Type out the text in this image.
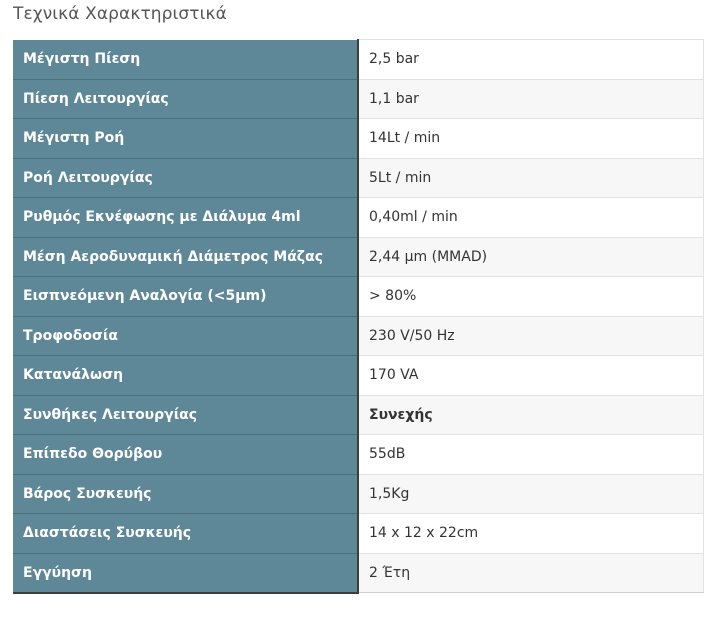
Τεχνικά Χαρακτηριστικά
Μέγιστη Πίεση	2,5 bar
Πίεση Λειτουργίας	1,1 bar
Μέγιστη Ροή	14Lt / min
Ροή Λειτουργίας	5Lt / min
Ρυθμός Εκνέφωσης με Διάλυμα 4ml	0,40ml / min
Μέση Αεροδυναμική Διάμετρος Μάζας	2,44 μm (MMAD)
Εισπνεόμενη Αναλογία (<5μm)	> 80%
Τροφοδοσία	230 V/50 Hz
Κατανάλωση	170 VA
Συνθήκες Λειτουργίας	Συνεχής
Επίπεδο Θορύβου	55dB
Βάρος Συσκευής	1,5Kg
Διαστάσεις Συσκευής	14 x 12 x 22cm
Εγγύηση	2 Έτη
